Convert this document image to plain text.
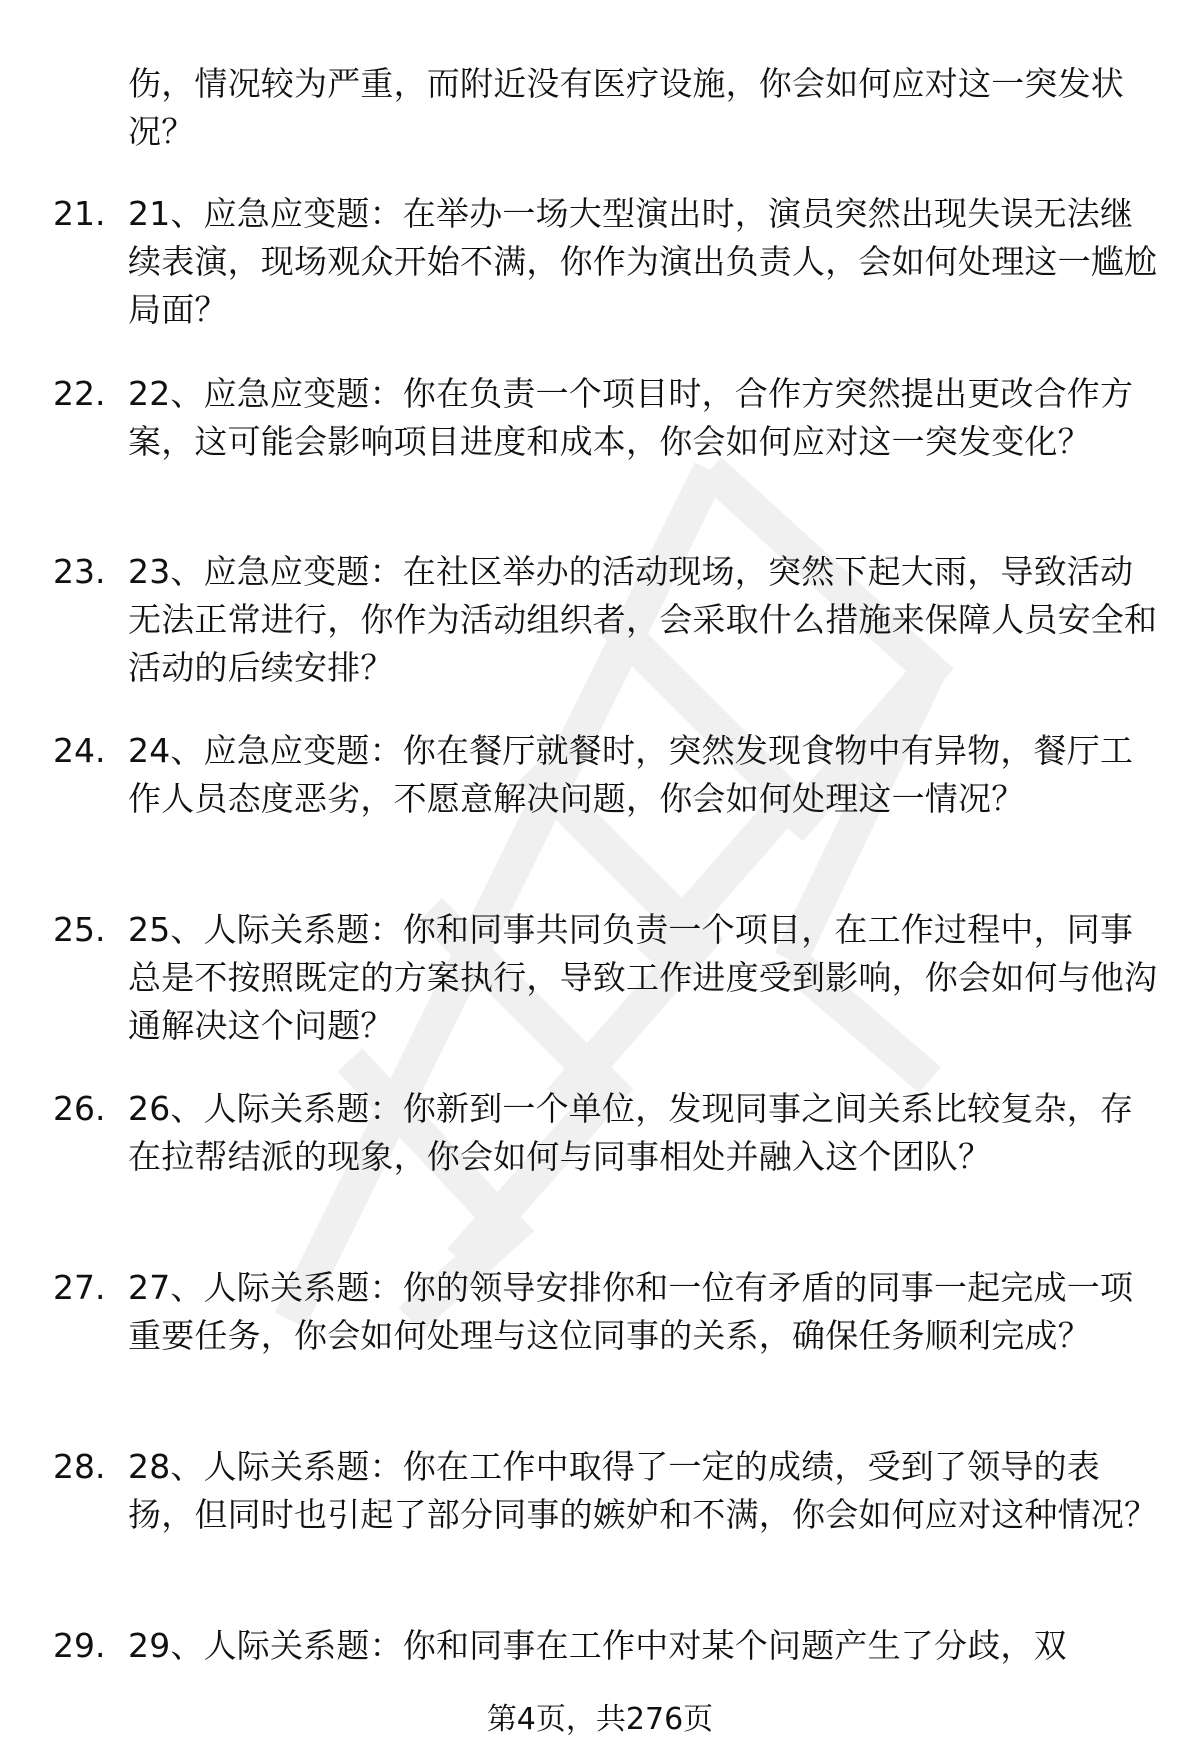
伤，情况较为严重，而附近没有医疗设施，你会如何应对这一突发状况？
21. 21、应急应变题：在举办一场大型演出时，演员突然出现失误无法继续表演，现场观众开始不满，你作为演出负责人，会如何处理这一尴尬局面？
22. 22、应急应变题：你在负责一个项目时，合作方突然提出更改合作方案，这可能会影响项目进度和成本，你会如何应对这一突发变化？
23. 23、应急应变题：在社区举办的活动现场，突然下起大雨，导致活动无法正常进行，你作为活动组织者，会采取什么措施来保障人员安全和活动的后续安排？
24. 24、应急应变题：你在餐厅就餐时，突然发现食物中有异物，餐厅工作人员态度恶劣，不愿意解决问题，你会如何处理这一情况？
25. 25、人际关系题：你和同事共同负责一个项目，在工作过程中，同事总是不按照既定的方案执行，导致工作进度受到影响，你会如何与他沟通解决这个问题？
26. 26、人际关系题：你新到一个单位，发现同事之间关系比较复杂，存在拉帮结派的现象，你会如何与同事相处并融入这个团队？
27. 27、人际关系题：你的领导安排你和一位有矛盾的同事一起完成一项重要任务，你会如何处理与这位同事的关系，确保任务顺利完成？
28. 28、人际关系题：你在工作中取得了一定的成绩，受到了领导的表扬，但同时也引起了部分同事的嫉妒和不满，你会如何应对这种情况？
29. 29、人际关系题：你和同事在工作中对某个问题产生了分歧，双
第4页，共276页
